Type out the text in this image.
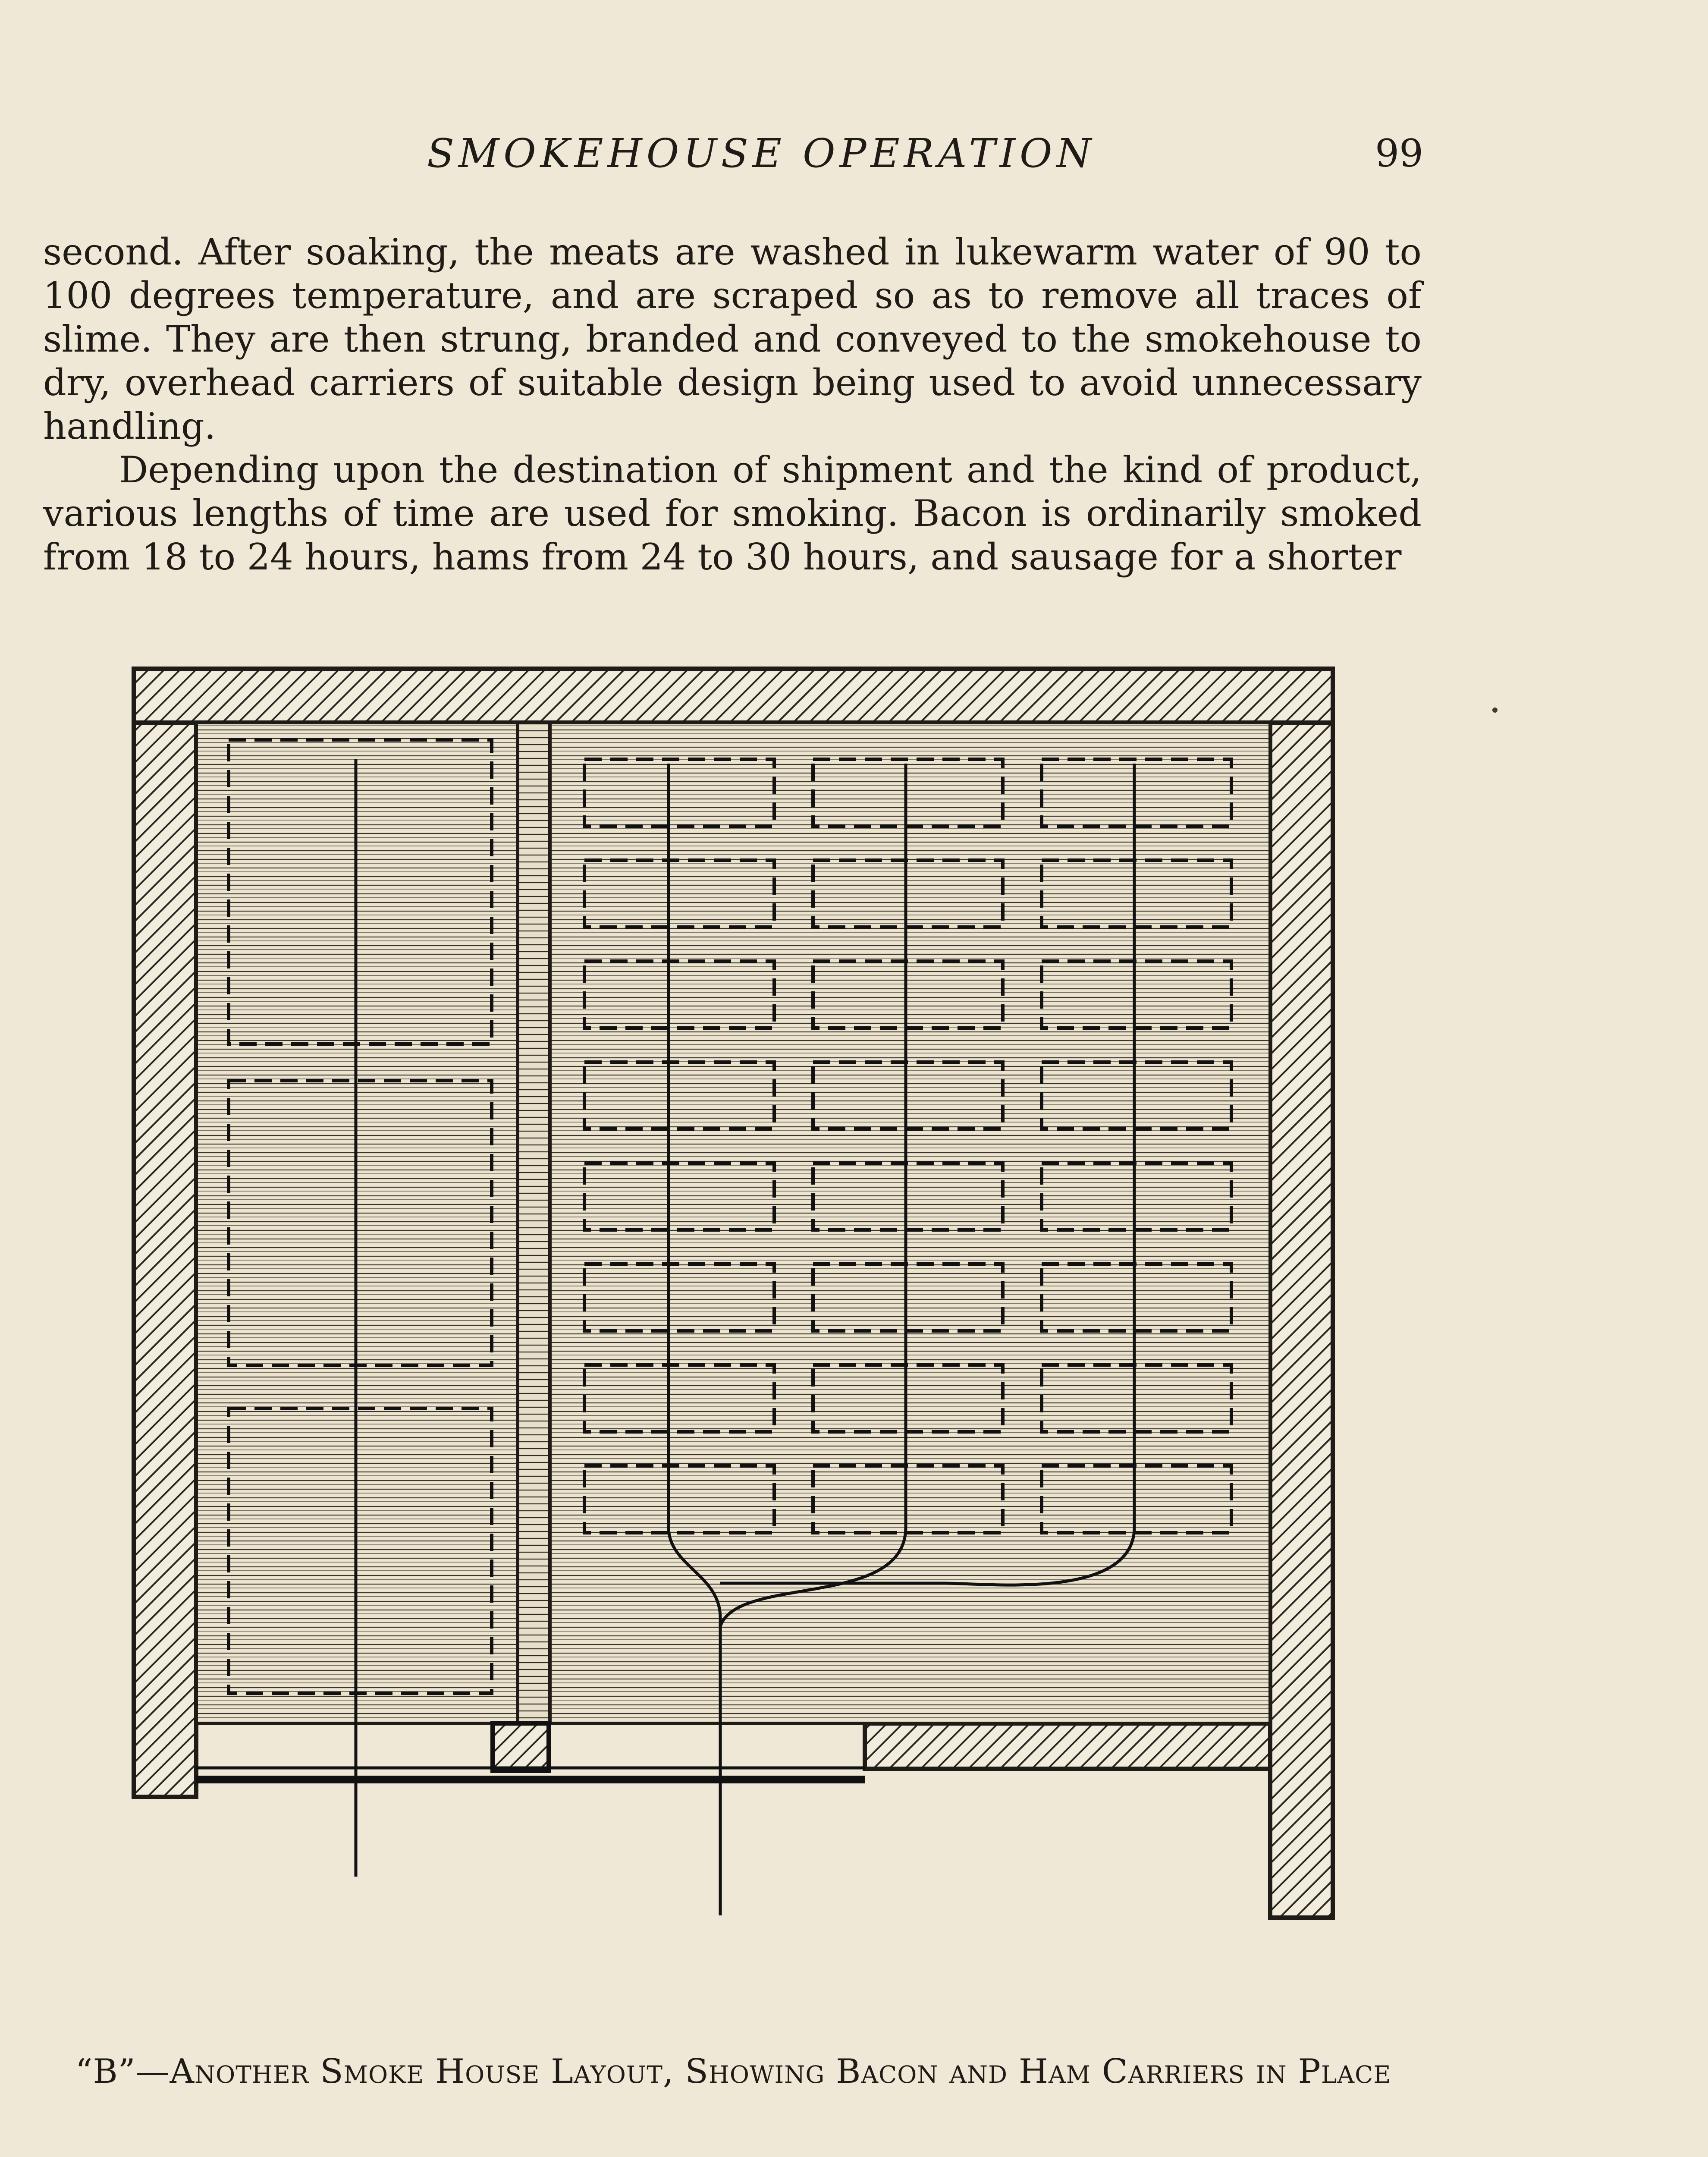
SMOKEHOUSE OPERATION	99

second. After soaking, the meats are washed in lukewarm water of 90 to 100 degrees temperature, and are scraped so as to remove all traces of slime. They are then strung, branded and conveyed to the smokehouse to dry, overhead carriers of suitable design being used to avoid unnecessary handling.

Depending upon the destination of shipment and the kind of product, various lengths of time are used for smoking. Bacon is ordinarily smoked from 18 to 24 hours, hams from 24 to 30 hours, and sausage for a shorter

“B”—Another Smoke House Layout, Showing Bacon and Ham Carriers in Place
